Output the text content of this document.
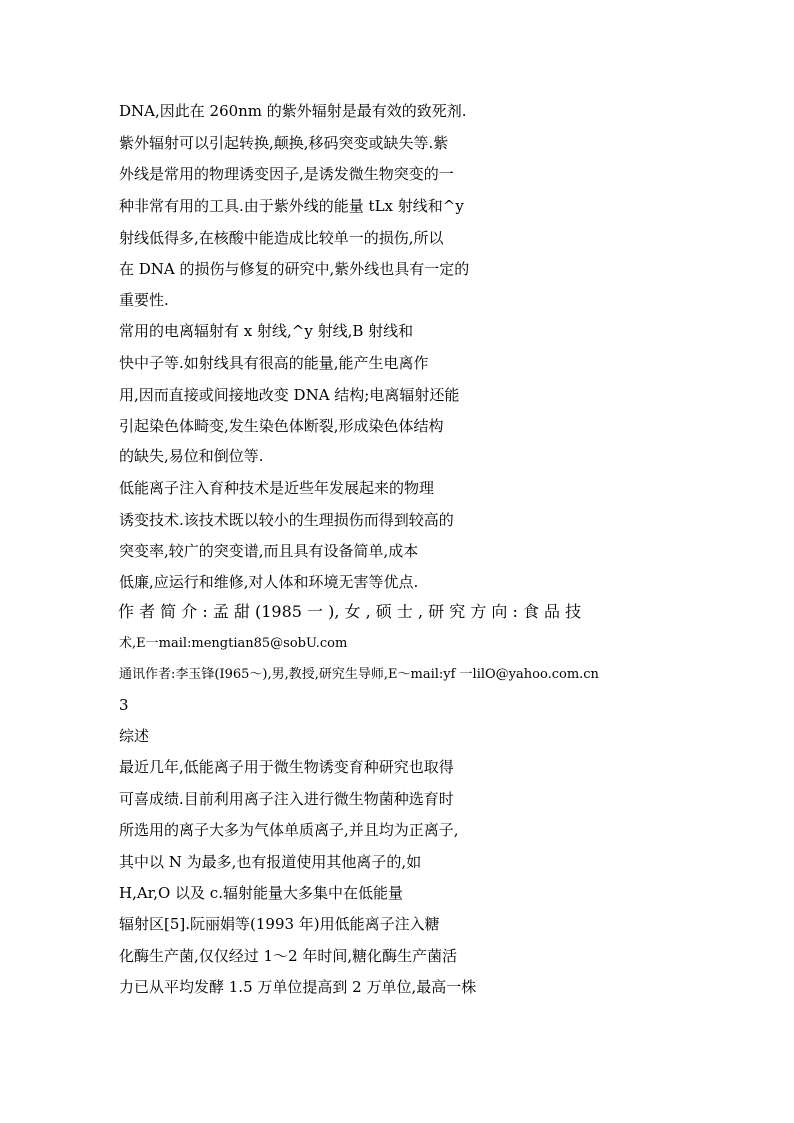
DNA,因此在 260nm 的紫外辐射是最有效的致死剂.
紫外辐射可以引起转换,颠换,移码突变或缺失等.紫
外线是常用的物理诱变因子,是诱发微生物突变的一
种非常有用的工具.由于紫外线的能量 tLx 射线和^y
射线低得多,在核酸中能造成比较单一的损伤,所以
在 DNA 的损伤与修复的研究中,紫外线也具有一定的
重要性.
常用的电离辐射有 x 射线,^y 射线,B 射线和
快中子等.如射线具有很高的能量,能产生电离作
用,因而直接或间接地改变 DNA 结构;电离辐射还能
引起染色体畸变,发生染色体断裂,形成染色体结构
的缺失,易位和倒位等.
低能离子注入育种技术是近些年发展起来的物理
诱变技术.该技术既以较小的生理损伤而得到较高的
突变率,较广的突变谱,而且具有设备简单,成本
低廉,应运行和维修,对人体和环境无害等优点.
作 者 简 介 : 孟 甜 (1985 一 ), 女 , 硕 士 , 研 究 方 向 : 食 品 技
术,E一mail:mengtian85@sobU.com
通讯作者:李玉锋(I965～),男,教授,研究生导师,E～mail:yf 一lilO@yahoo.com.cn
3
综述
最近几年,低能离子用于微生物诱变育种研究也取得
可喜成绩.目前利用离子注入进行微生物菌种选育时
所选用的离子大多为气体单质离子,并且均为正离子,
其中以 N 为最多,也有报道使用其他离子的,如
H,Ar,O 以及 c.辐射能量大多集中在低能量
辐射区[5].阮丽娟等(1993 年)用低能离子注入糖
化酶生产菌,仅仅经过 1～2 年时间,糖化酶生产菌活
力已从平均发酵 1.5 万单位提高到 2 万单位,最高一株
